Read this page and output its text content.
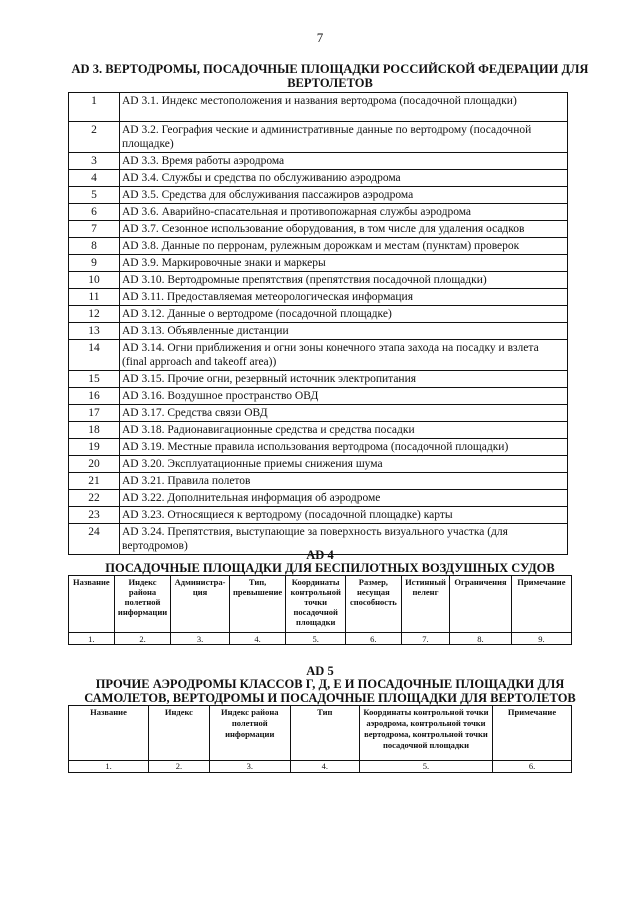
7
AD 3. ВЕРТОДРОМЫ, ПОСАДОЧНЫЕ ПЛОЩАДКИ РОССИЙСКОЙ ФЕДЕРАЦИИ ДЛЯ ВЕРТОЛЕТОВ
1	AD 3.1. Индекс местоположения и названия вертодрома (посадочной площадки)
2	AD 3.2. География ческие и административные данные по вертодрому (посадочной площадке)
3	AD 3.3. Время работы аэродрома
4	AD 3.4. Службы и средства по обслуживанию аэродрома
5	AD 3.5. Средства для обслуживания пассажиров аэродрома
6	AD 3.6. Аварийно-спасательная и противопожарная службы аэродрома
7	AD 3.7. Сезонное использование оборудования, в том числе для удаления осадков
8	AD 3.8. Данные по перронам, рулежным дорожкам и местам (пунктам) проверок
9	AD 3.9. Маркировочные знаки и маркеры
10	AD 3.10. Вертодромные препятствия (препятствия посадочной площадки)
11	AD 3.11. Предоставляемая метеорологическая информация
12	AD 3.12. Данные о вертодроме (посадочной площадке)
13	AD 3.13. Объявленные дистанции
14	AD 3.14. Огни приближения и огни зоны конечного этапа захода на посадку и взлета (final approach and takeoff area))
15	AD 3.15. Прочие огни, резервный источник электропитания
16	AD 3.16. Воздушное пространство ОВД
17	AD 3.17. Средства связи ОВД
18	AD 3.18. Радионавигационные средства и средства посадки
19	AD 3.19. Местные правила использования вертодрома (посадочной площадки)
20	AD 3.20. Эксплуатационные приемы снижения шума
21	AD 3.21. Правила полетов
22	AD 3.22. Дополнительная информация об аэродроме
23	AD 3.23. Относящиеся к вертодрому (посадочной площадке) карты
24	AD 3.24. Препятствия, выступающие за поверхность визуального участка (для вертодромов)
AD 4
ПОСАДОЧНЫЕ ПЛОЩАДКИ ДЛЯ БЕСПИЛОТНЫХ ВОЗДУШНЫХ СУДОВ
Название	Индекс района полетной информации	Администра-ция	Тип, превышение	Координаты контрольной точки посадочной площадки	Размер, несущая способность	Истинный пеленг	Ограничения	Примечание
1.	2.	3.	4.	5.	6.	7.	8.	9.
AD 5
ПРОЧИЕ АЭРОДРОМЫ КЛАССОВ Г, Д, Е И ПОСАДОЧНЫЕ ПЛОЩАДКИ ДЛЯ САМОЛЕТОВ, ВЕРТОДРОМЫ И ПОСАДОЧНЫЕ ПЛОЩАДКИ ДЛЯ ВЕРТОЛЕТОВ
Название	Индекс	Индекс района полетной информации	Тип	Координаты контрольной точки аэродрома, контрольной точки вертодрома, контрольной точки посадочной площадки	Примечание
1.	2.	3.	4.	5.	6.
